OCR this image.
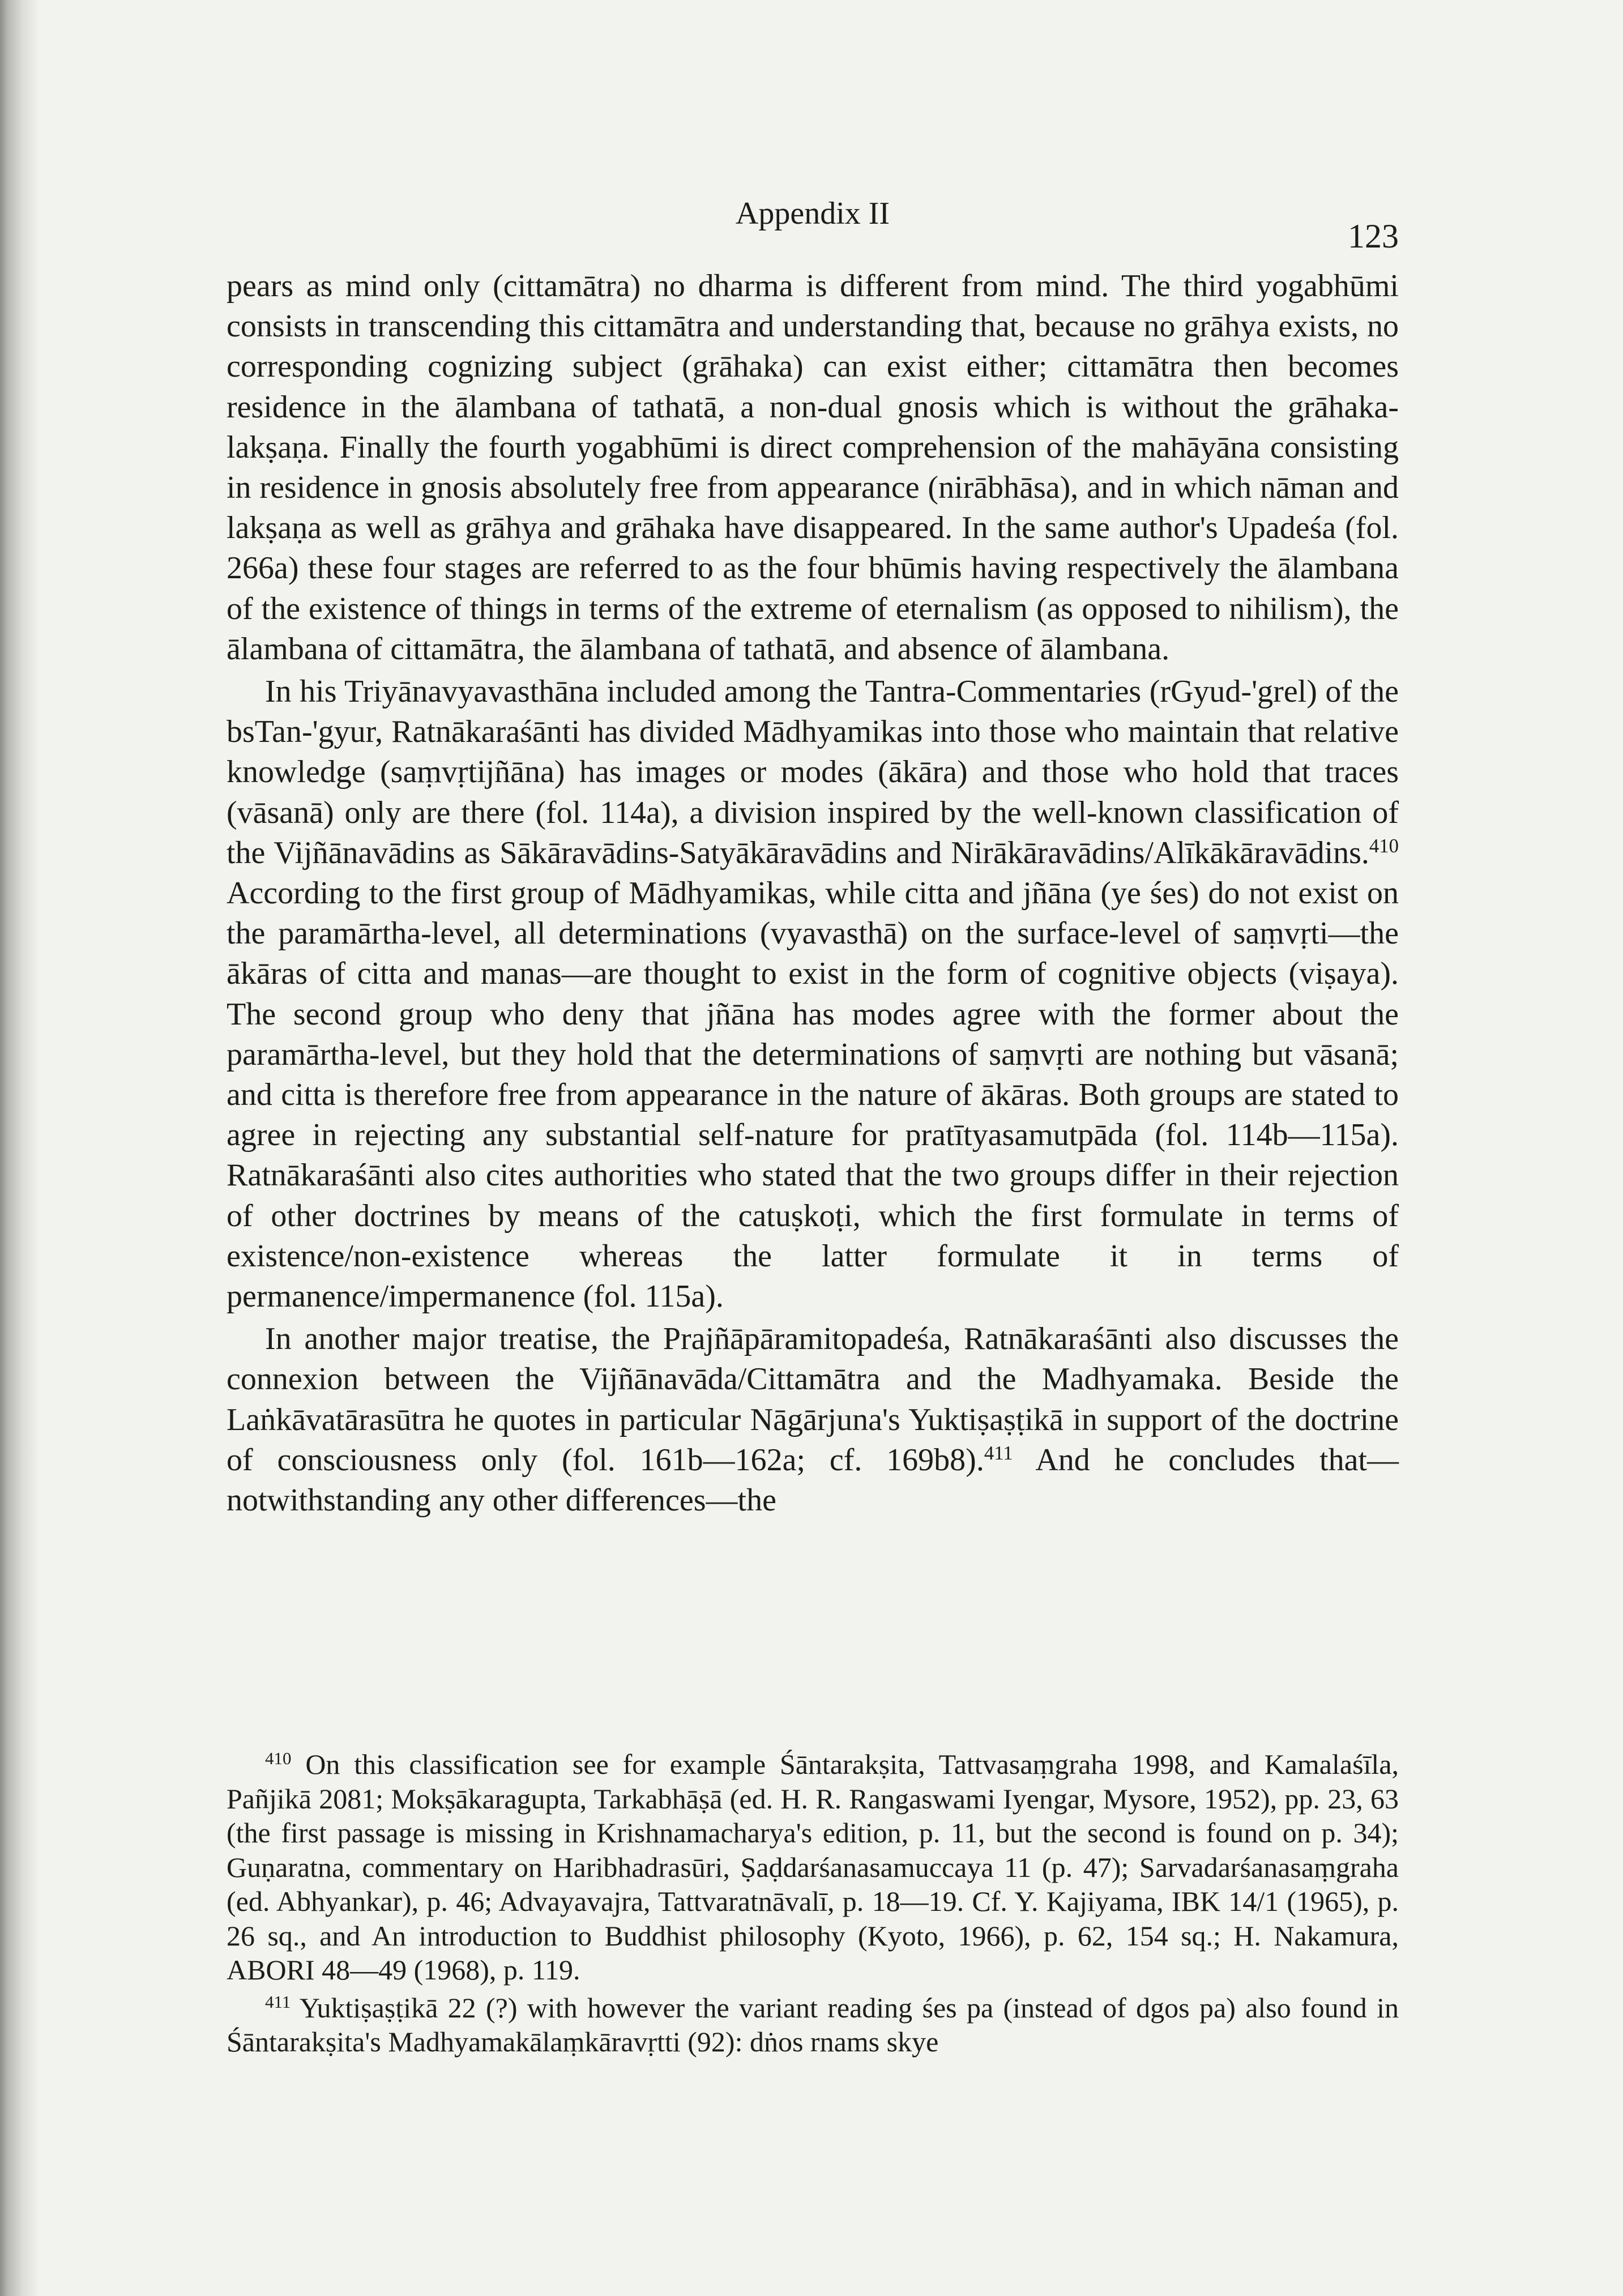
Appendix II
123

pears as mind only (cittamātra) no dharma is different from mind. The third yogabhūmi consists in transcending this cittamātra and understanding that, because no grāhya exists, no corresponding cognizing subject (grāhaka) can exist either; cittamātra then becomes residence in the ālambana of tathatā, a non-dual gnosis which is without the grāhaka-lakṣaṇa. Finally the fourth yogabhūmi is direct comprehension of the mahāyāna consisting in residence in gnosis absolutely free from appearance (nirābhāsa), and in which nāman and lakṣaṇa as well as grāhya and grāhaka have disappeared. In the same author's Upadeśa (fol. 266a) these four stages are referred to as the four bhūmis having respectively the ālambana of the existence of things in terms of the extreme of eternalism (as opposed to nihilism), the ālambana of cittamātra, the ālambana of tathatā, and absence of ālambana.

In his Triyānavyavasthāna included among the Tantra-Commentaries (rGyud-'grel) of the bsTan-'gyur, Ratnākaraśānti has divided Mādhyamikas into those who maintain that relative knowledge (saṃvṛtijñāna) has images or modes (ākāra) and those who hold that traces (vāsanā) only are there (fol. 114a), a division inspired by the well-known classification of the Vijñānavādins as Sākāravādins-Satyākāravādins and Nirākāravādins/Alīkākāravādins.$^{410}$ According to the first group of Mādhyamikas, while citta and jñāna (ye śes) do not exist on the paramārtha-level, all determinations (vyavasthā) on the surface-level of saṃvṛti—the ākāras of citta and manas—are thought to exist in the form of cognitive objects (viṣaya). The second group who deny that jñāna has modes agree with the former about the paramārtha-level, but they hold that the determinations of saṃvṛti are nothing but vāsanā; and citta is therefore free from appearance in the nature of ākāras. Both groups are stated to agree in rejecting any substantial self-nature for pratītyasamutpāda (fol. 114b—115a). Ratnākaraśānti also cites authorities who stated that the two groups differ in their rejection of other doctrines by means of the catuṣkoṭi, which the first formulate in terms of existence/non-existence whereas the latter formulate it in terms of permanence/impermanence (fol. 115a).

In another major treatise, the Prajñāpāramitopadeśa, Ratnākaraśānti also discusses the connexion between the Vijñānavāda/Cittamātra and the Madhyamaka. Beside the Laṅkāvatārasūtra he quotes in particular Nāgārjuna's Yuktiṣaṣṭikā in support of the doctrine of consciousness only (fol. 161b—162a; cf. 169b8).$^{411}$ And he concludes that—notwithstanding any other differences—the

$^{410}$ On this classification see for example Śāntarakṣita, Tattvasaṃgraha 1998, and Kamalaśīla, Pañjikā 2081; Mokṣākaragupta, Tarkabhāṣā (ed. H. R. Rangaswami Iyengar, Mysore, 1952), pp. 23, 63 (the first passage is missing in Krishnamacharya's edition, p. 11, but the second is found on p. 34); Guṇaratna, commentary on Haribhadrasūri, Ṣaḍdarśanasamuccaya 11 (p. 47); Sarvadarśanasaṃgraha (ed. Abhyankar), p. 46; Advayavajra, Tattvaratnāvalī, p. 18—19. Cf. Y. Kajiyama, IBK 14/1 (1965), p. 26 sq., and An introduction to Buddhist philosophy (Kyoto, 1966), p. 62, 154 sq.; H. Nakamura, ABORI 48—49 (1968), p. 119.

$^{411}$ Yuktiṣaṣṭikā 22 (?) with however the variant reading śes pa (instead of dgos pa) also found in Śāntarakṣita's Madhyamakālaṃkāravṛtti (92): dṅos rnams skye
